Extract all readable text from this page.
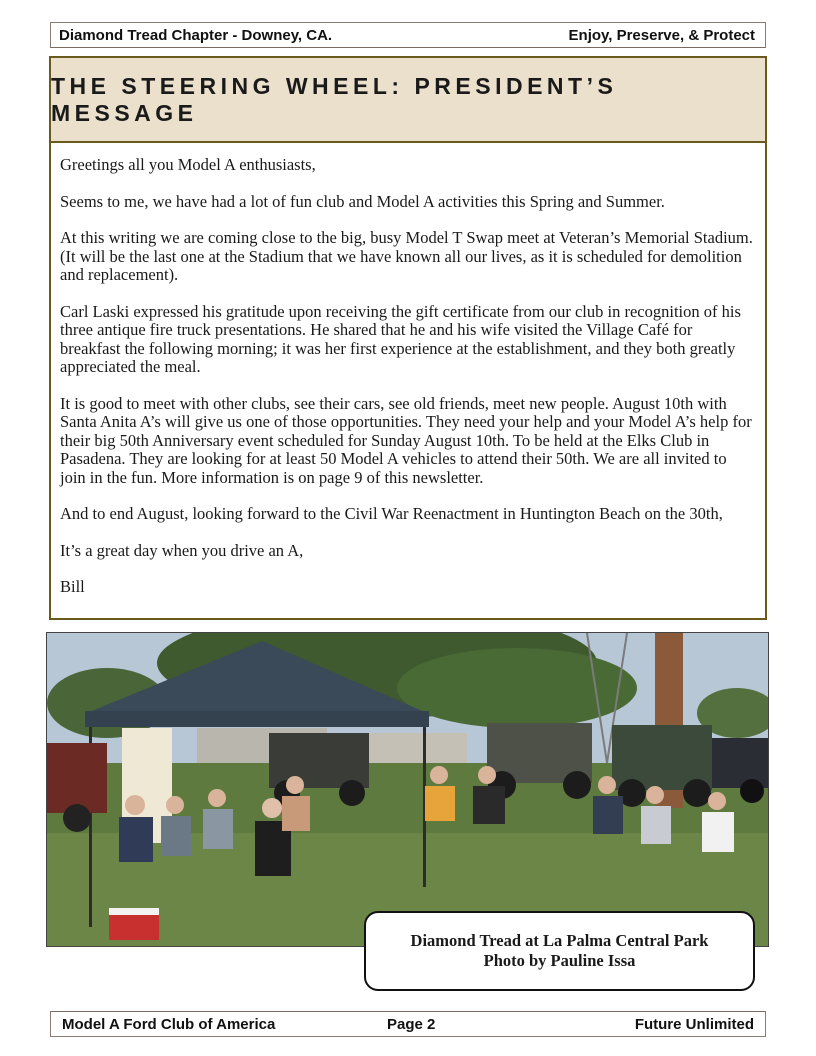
Diamond Tread Chapter - Downey, CA.	Enjoy, Preserve, & Protect
THE STEERING WHEEL: PRESIDENT’S MESSAGE

Greetings all you Model A enthusiasts,

Seems to me, we have had a lot of fun club and Model A activities this Spring and Summer.

At this writing we are coming close to the big, busy Model T Swap meet at Veteran’s Memorial Stadium. (It will be the last one at the Stadium that we have known all our lives, as it is scheduled for demolition and replacement).

Carl Laski expressed his gratitude upon receiving the gift certificate from our club in recognition of his three antique fire truck presentations. He shared that he and his wife visited the Village Café for breakfast the following morning; it was her first experience at the establishment, and they both greatly appreciated the meal.

It is good to meet with other clubs, see their cars, see old friends, meet new people. August 10th with Santa Anita A’s will give us one of those opportunities. They need your help and your Model A’s help for their big 50th Anniversary event scheduled for Sunday August 10th. To be held at the Elks Club in Pasadena. They are looking for at least 50 Model A vehicles to attend their 50th. We are all invited to join in the fun. More information is on page 9 of this newsletter.

And to end August, looking forward to the Civil War Reenactment in Huntington Beach on the 30th,

It’s a great day when you drive an A,

Bill

Diamond Tread at La Palma Central Park
Photo by Pauline Issa
Model A Ford Club of America	Page 2	Future Unlimited
